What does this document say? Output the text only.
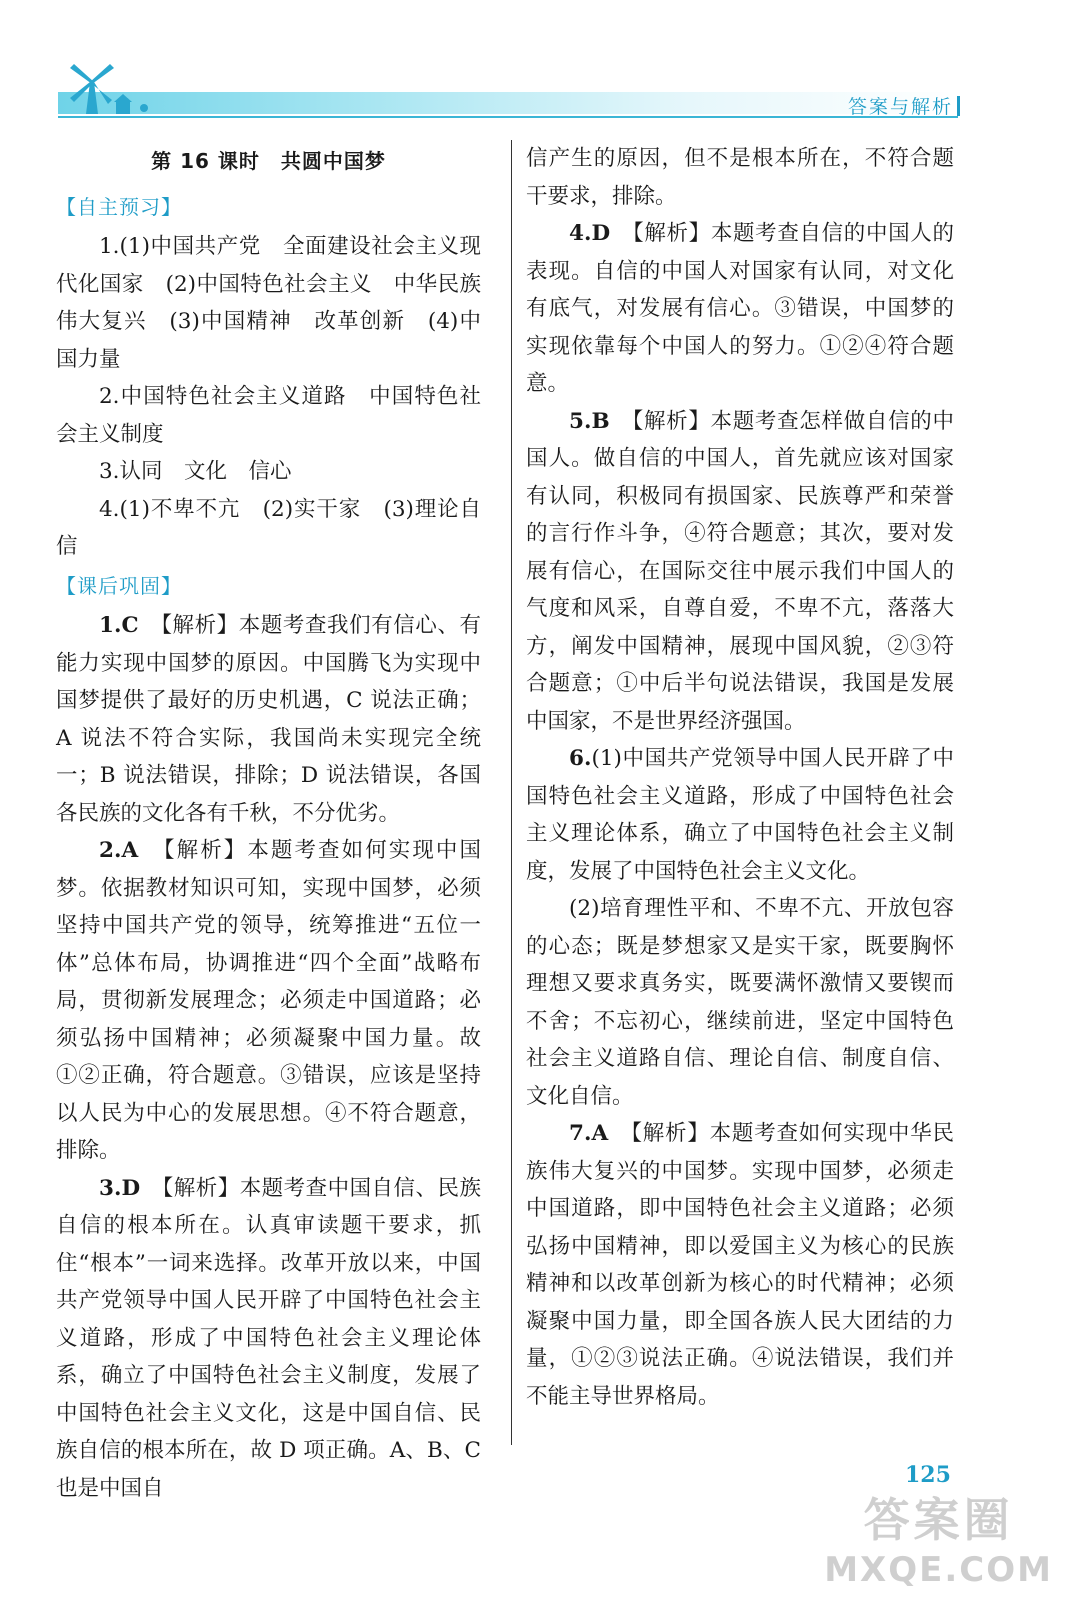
答案与解析

第 16 课时　共圆中国梦

【自主预习】

1.(1)中国共产党　全面建设社会主义现代化国家　(2)中国特色社会主义　中华民族伟大复兴　(3)中国精神　改革创新　(4)中国力量

2.中国特色社会主义道路　中国特色社会主义制度

3.认同　文化　信心

4.(1)不卑不亢　(2)实干家　(3)理论自信

【课后巩固】

1.C　 【解析】本题考查我们有信心、有能力实现中国梦的原因。中国腾飞为实现中国梦提供了最好的历史机遇，C 说法正确；A 说法不符合实际，我国尚未实现完全统一；B 说法错误，排除；D 说法错误，各国各民族的文化各有千秋，不分优劣。

2.A　 【解析】本题考查如何实现中国梦。依据教材知识可知，实现中国梦，必须坚持中国共产党的领导，统筹推进“五位一体”总体布局，协调推进“四个全面”战略布局，贯彻新发展理念；必须走中国道路；必须弘扬中国精神；必须凝聚中国力量。故①②正确，符合题意。③错误，应该是坚持以人民为中心的发展思想。④不符合题意，排除。

3.D　 【解析】本题考查中国自信、民族自信的根本所在。认真审读题干要求，抓住“根本”一词来选择。改革开放以来，中国共产党领导中国人民开辟了中国特色社会主义道路，形成了中国特色社会主义理论体系，确立了中国特色社会主义制度，发展了中国特色社会主义文化，这是中国自信、民族自信的根本所在，故 D 项正确。A、B、C 也是中国自

信产生的原因，但不是根本所在，不符合题干要求，排除。

4.D　 【解析】本题考查自信的中国人的表现。自信的中国人对国家有认同，对文化有底气，对发展有信心。③错误，中国梦的实现依靠每个中国人的努力。①②④符合题意。

5.B　 【解析】本题考查怎样做自信的中国人。做自信的中国人，首先就应该对国家有认同，积极同有损国家、民族尊严和荣誉的言行作斗争，④符合题意；其次，要对发展有信心，在国际交往中展示我们中国人的气度和风采，自尊自爱，不卑不亢，落落大方，阐发中国精神，展现中国风貌，②③符合题意；①中后半句说法错误，我国是发展中国家，不是世界经济强国。

6.(1)中国共产党领导中国人民开辟了中国特色社会主义道路，形成了中国特色社会主义理论体系，确立了中国特色社会主义制度，发展了中国特色社会主义文化。

(2)培育理性平和、不卑不亢、开放包容的心态；既是梦想家又是实干家，既要胸怀理想又要求真务实，既要满怀激情又要锲而不舍；不忘初心，继续前进，坚定中国特色社会主义道路自信、理论自信、制度自信、文化自信。

7.A　 【解析】本题考查如何实现中华民族伟大复兴的中国梦。实现中国梦，必须走中国道路，即中国特色社会主义道路；必须弘扬中国精神，即以爱国主义为核心的民族精神和以改革创新为核心的时代精神；必须凝聚中国力量，即全国各族人民大团结的力量，①②③说法正确。④说法错误，我们并不能主导世界格局。

125
答案圈
MXQE.COM
